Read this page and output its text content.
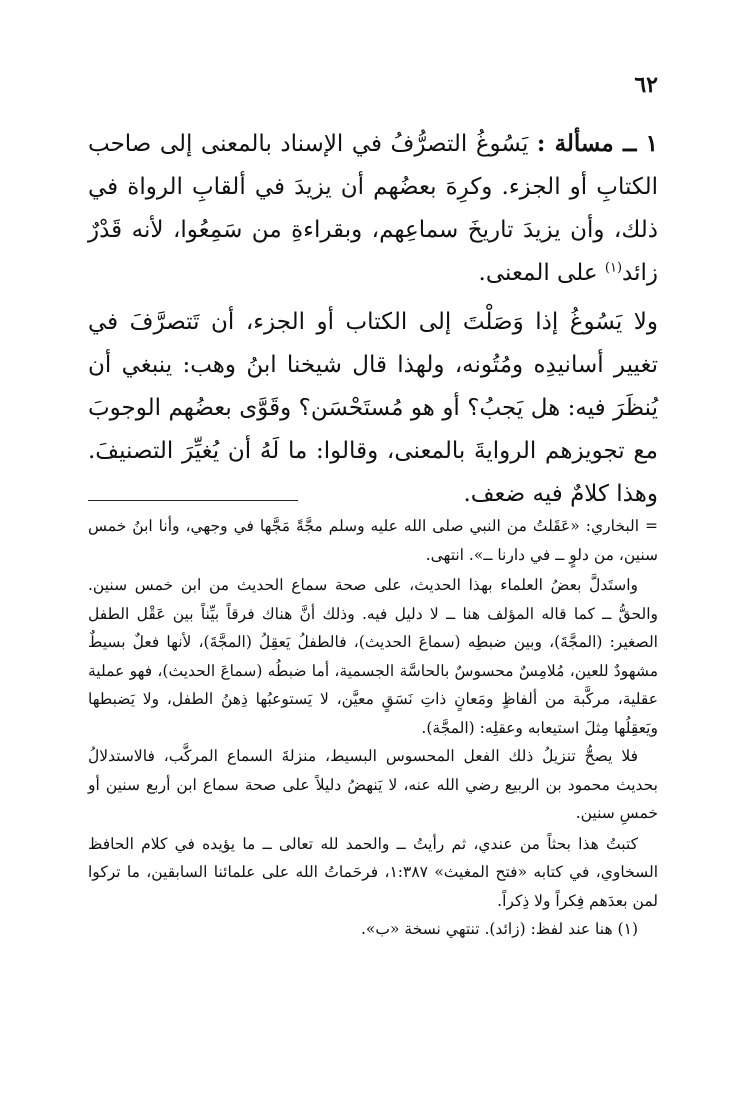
٦٢

١ ــ مسألة : يَسُوغُ التصرُّفُ في الإسناد بالمعنى إلى صاحب الكتابِ أو الجزء. وكرِهَ بعضُهم أن يزيدَ في ألقابِ الرواة في ذلك، وأن يزيدَ تاريخَ سماعِهم، وبقراءةِ من سَمِعُوا، لأنه قَدْرٌ زائد$^{(١)}$ على المعنى.

ولا يَسُوغُ إذا وَصَلْتَ إلى الكتاب أو الجزء، أن تَتصرَّفَ في تغيير أسانيدِه ومُتُونه، ولهذا قال شيخنا ابنُ وهب: ينبغي أن يُنظَرَ فيه: هل يَجبُ؟ أو هو مُستَحْسَن؟ وقَوَّى بعضُهم الوجوبَ مع تجويزهم الروايةَ بالمعنى، وقالوا: ما لَهُ أن يُغيِّرَ التصنيفَ. وهذا كلامٌ فيه ضعف.

= البخاري: «عَقَلتُ من النبي صلى الله عليه وسلم مجَّةً مَجَّها في وجهي، وأنا ابنُ خمس سنين، من دلوٍ ــ في دارنا ــ». انتهى.

واستَدلَّ بعضُ العلماء بهذا الحديث، على صحة سماع الحديث من ابن خمس سنين. والحقُّ ــ كما قاله المؤلف هنا ــ لا دليل فيه. وذلك أنَّ هناك فرقاً بيِّناً بين عَقْل الطفل الصغير: (المجَّةَ)، وبين ضبطِه (سماعَ الحديث)، فالطفلُ يَعقِلُ (المجَّةَ)، لأنها فعلٌ بسيطٌ مشهودٌ للعين، مُلامِسٌ محسوسٌ بالحاسَّة الجسمية، أما ضبطُه (سماعَ الحديث)، فهو عملية عقلية، مركَّبة من ألفاظٍ ومَعانٍ ذاتِ نَسَقٍ معيَّن، لا يَستوعبُها ذِهنُ الطفل، ولا يَضبطها ويَعقِلُها مِثلَ استيعابه وعقلِه: (المجَّة).

فلا يصحُّ تنزيلُ ذلك الفعل المحسوس البسيط، منزلةَ السماع المركَّب، فالاستدلالُ بحديث محمود بن الربيع رضي الله عنه، لا يَنهضُ دليلاً على صحة سماع ابن أربع سنين أو خمسِ سنين.

كتبتُ هذا بحثاً من عندي، ثم رأيتُ ــ والحمد لله تعالى ــ ما يؤيده في كلام الحافظ السخاوي، في كتابه «فتح المغيث» ١:٣٨٧، فرحَماتُ الله على علمائنا السابقين، ما تركوا لمن بعدَهم فِكراً ولا ذِكراً.

(١) هنا عند لفظ: (زائد). تنتهي نسخة «ب».
